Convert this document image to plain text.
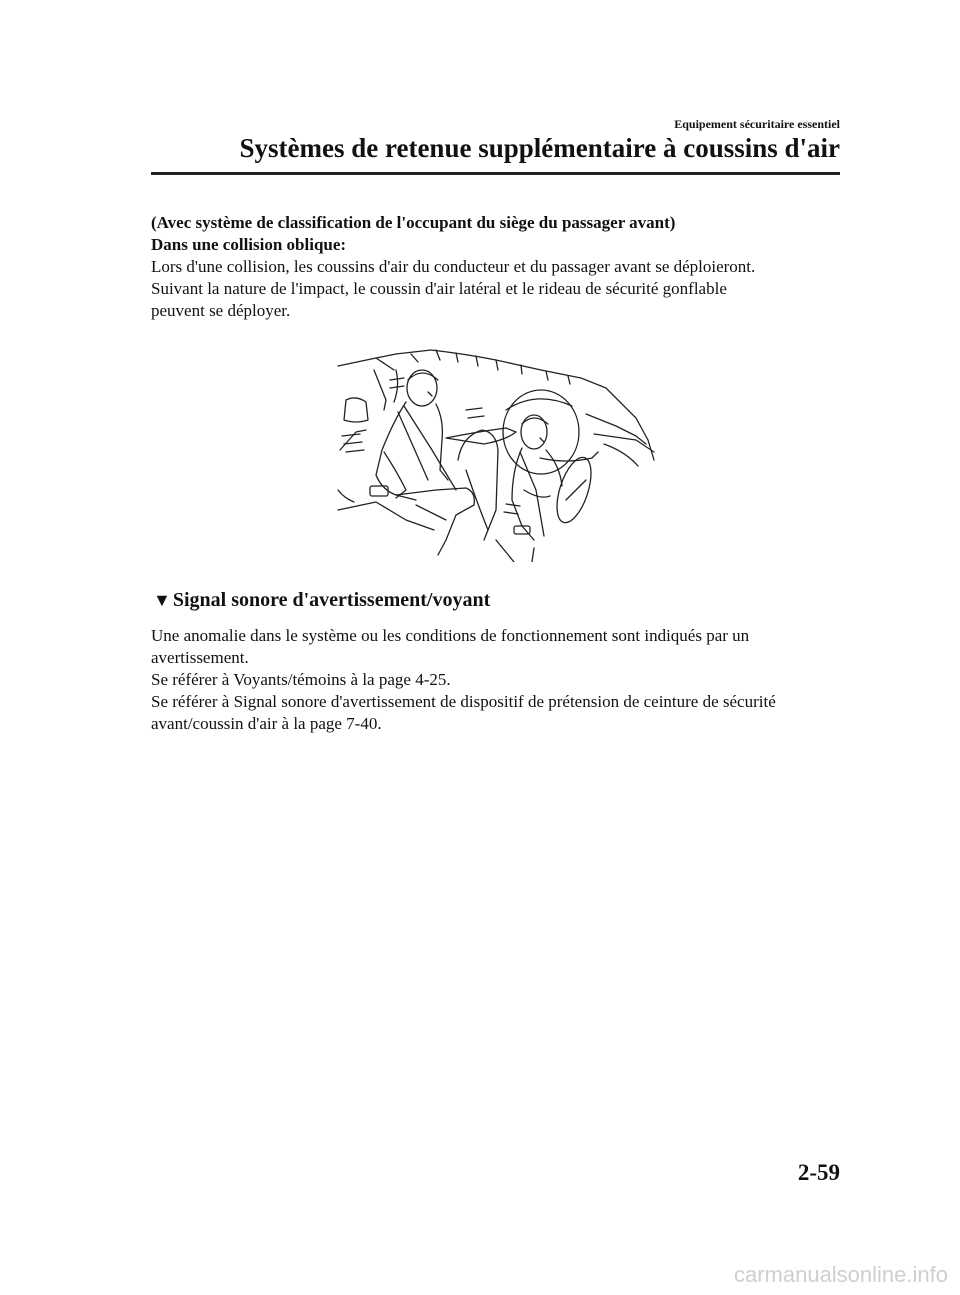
Equipement sécuritaire essentiel
Systèmes de retenue supplémentaire à coussins d'air
(Avec système de classification de l'occupant du siège du passager avant)
Dans une collision oblique:
Lors d'une collision, les coussins d'air du conducteur et du passager avant se déploieront.
Suivant la nature de l'impact, le coussin d'air latéral et le rideau de sécurité gonflable
peuvent se déployer.
▼ Signal sonore d'avertissement/voyant
Une anomalie dans le système ou les conditions de fonctionnement sont indiqués par un
avertissement.
Se référer à Voyants/témoins à la page 4-25.
Se référer à Signal sonore d'avertissement de dispositif de prétension de ceinture de sécurité
avant/coussin d'air à la page 7-40.
2-59
carmanualsonline.info
